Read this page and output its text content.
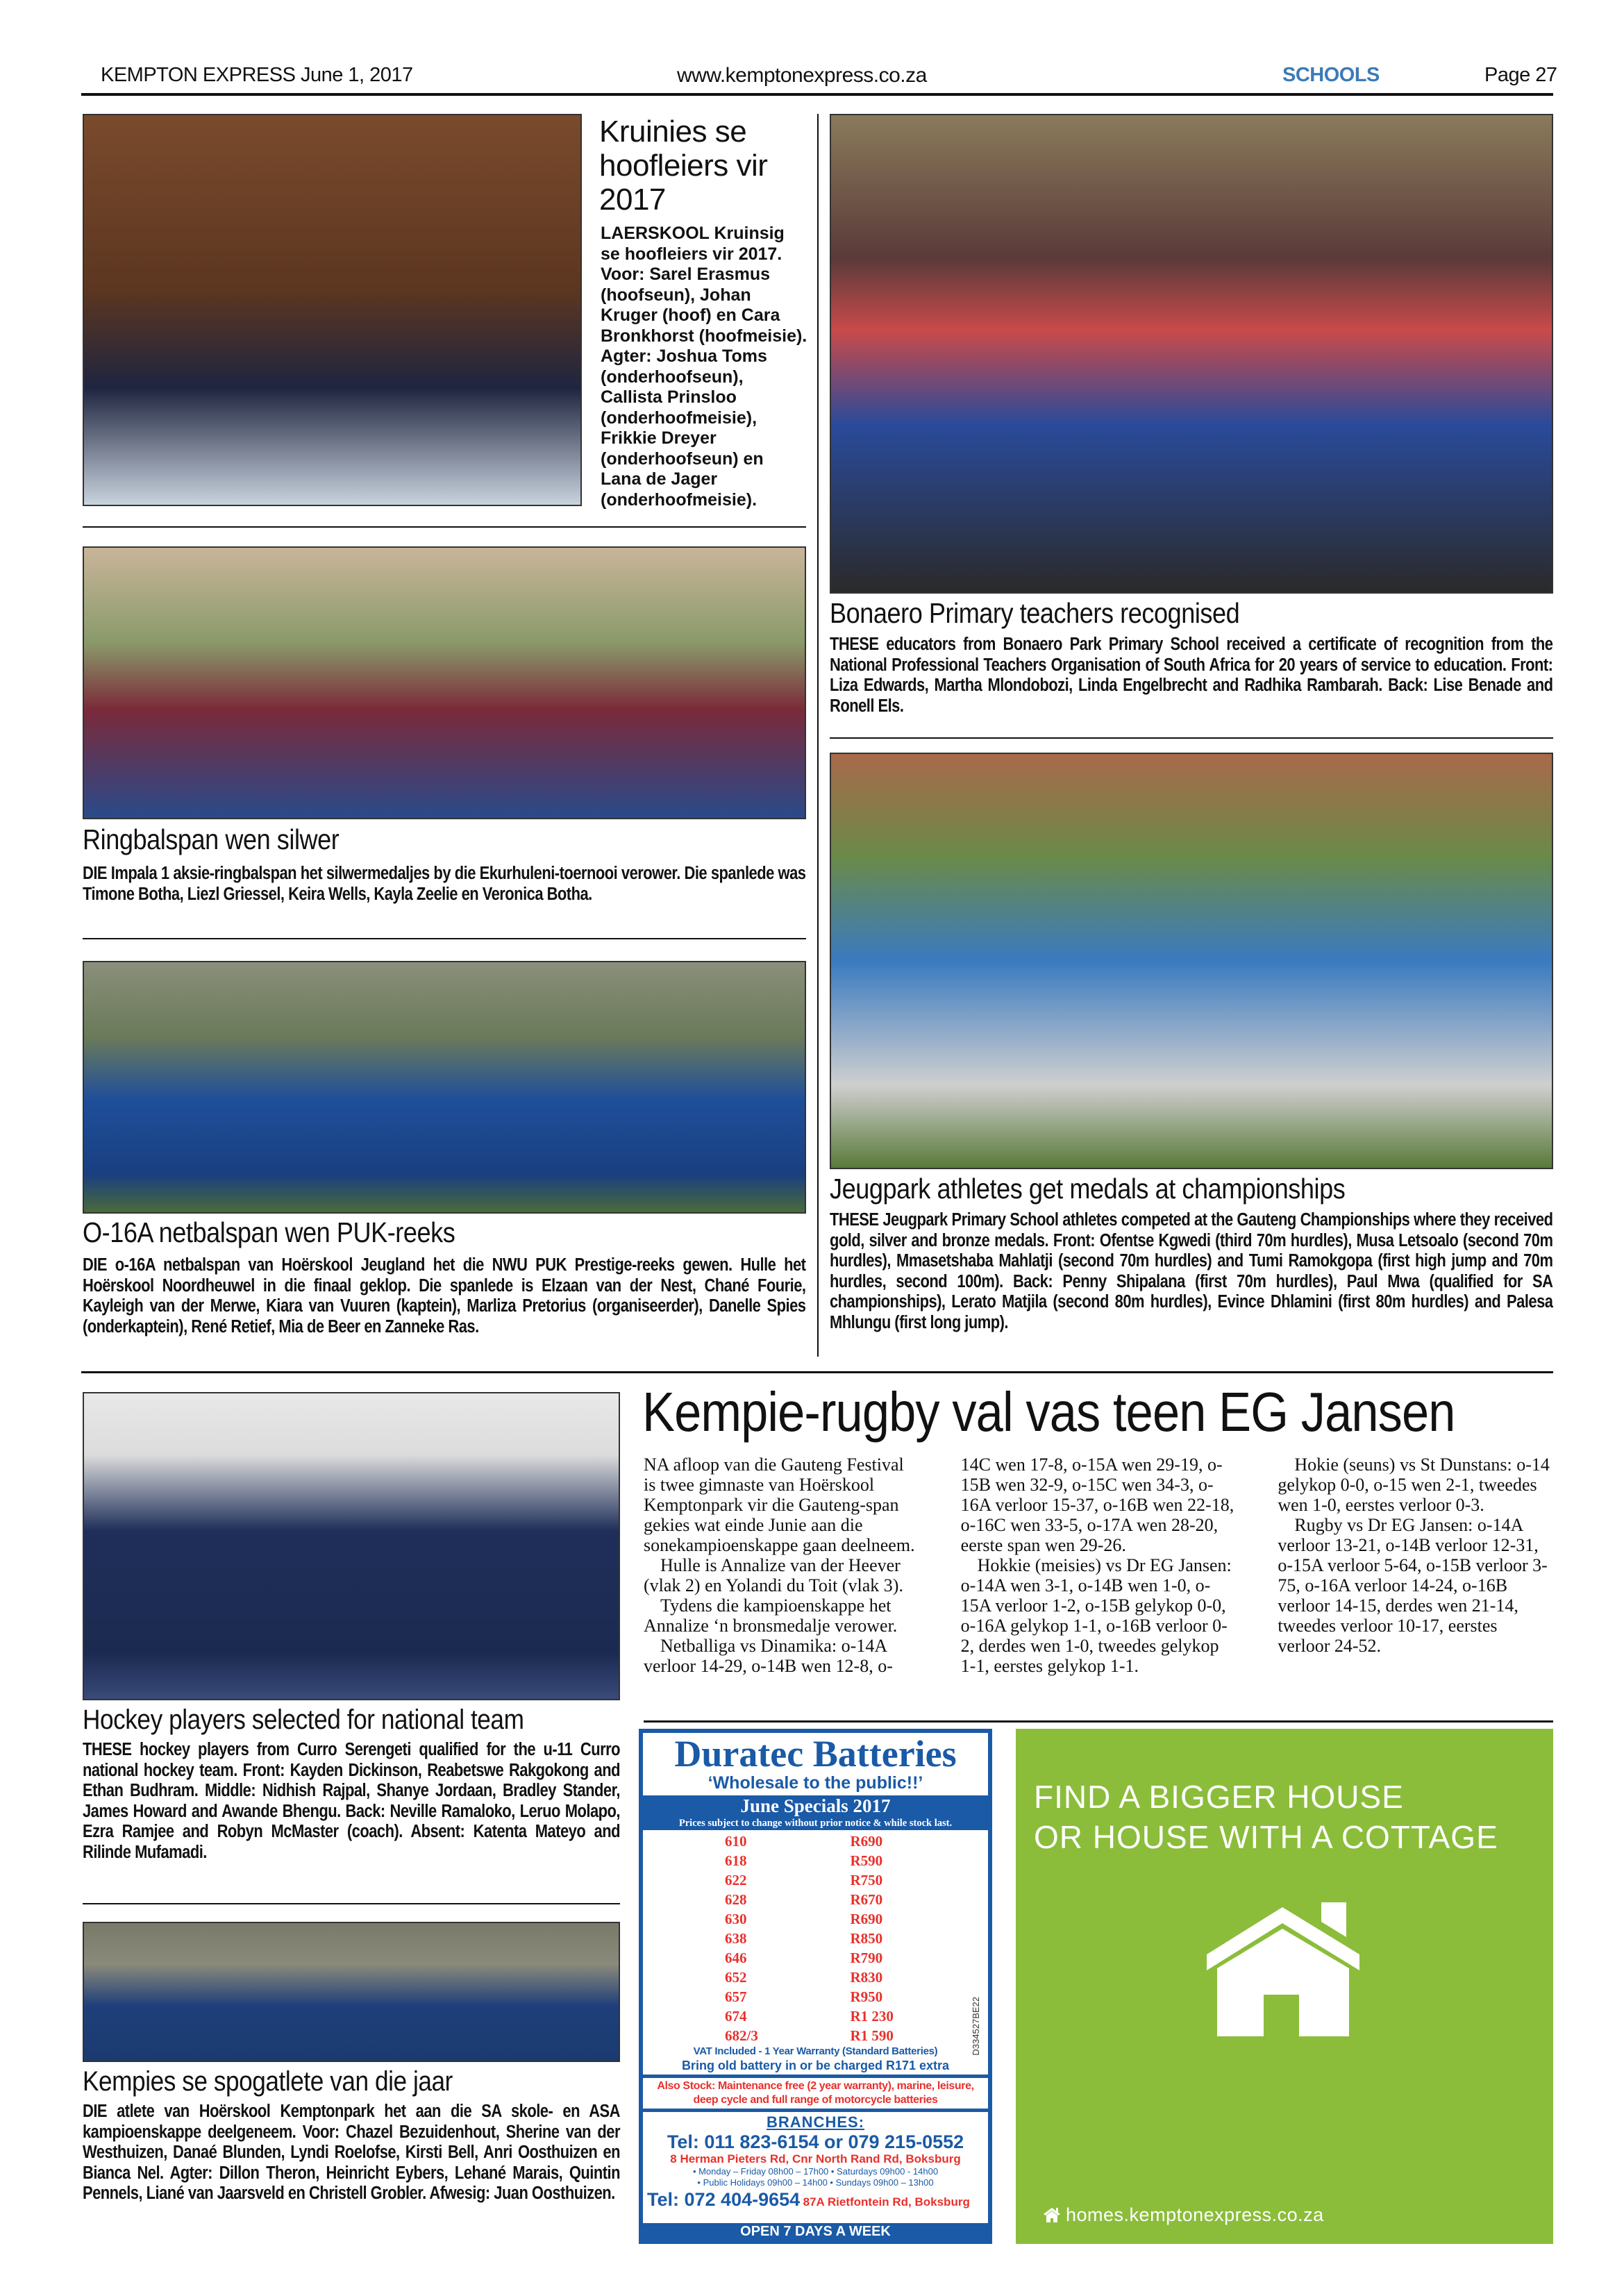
KEMPTON EXPRESS June 1, 2017	www.kemptonexpress.co.za	SCHOOLS	Page 27
Kruinies se hoofleiers vir 2017
LAERSKOOL Kruinsig se hoofleiers vir 2017. Voor: Sarel Erasmus (hoofseun), Johan Kruger (hoof) en Cara Bronkhorst (hoofmeisie). Agter: Joshua Toms (onderhoofseun), Callista Prinsloo (onderhoofmeisie), Frikkie Dreyer (onderhoofseun) en Lana de Jager (onderhoofmeisie).
Ringbalspan wen silwer
DIE Impala 1 aksie-ringbalspan het silwermedaljes by die Ekurhuleni-toernooi verower. Die spanlede was Timone Botha, Liezl Griessel, Keira Wells, Kayla Zeelie en Veronica Botha.
O-16A netbalspan wen PUK-reeks
DIE o-16A netbalspan van Hoërskool Jeugland het die NWU PUK Prestige-reeks gewen. Hulle het Hoërskool Noordheuwel in die finaal geklop. Die spanlede is Elzaan van der Nest, Chané Fourie, Kayleigh van der Merwe, Kiara van Vuuren (kaptein), Marliza Pretorius (organiseerder), Danelle Spies (onderkaptein), René Retief, Mia de Beer en Zanneke Ras.
Bonaero Primary teachers recognised
THESE educators from Bonaero Park Primary School received a certificate of recognition from the National Professional Teachers Organisation of South Africa for 20 years of service to education. Front: Liza Edwards, Martha Mlondobozi, Linda Engelbrecht and Radhika Rambarah. Back: Lise Benade and Ronell Els.
Jeugpark athletes get medals at championships
THESE Jeugpark Primary School athletes competed at the Gauteng Championships where they received gold, silver and bronze medals. Front: Ofentse Kgwedi (third 70m hurdles), Musa Letsoalo (second 70m hurdles), Mmasetshaba Mahlatji (second 70m hurdles) and Tumi Ramokgopa (first high jump and 70m hurdles, second 100m). Back: Penny Shipalana (first 70m hurdles), Paul Mwa (qualified for SA championships), Lerato Matjila (second 80m hurdles), Evince Dhlamini (first 80m hurdles) and Palesa Mhlungu (first long jump).
Hockey players selected for national team
THESE hockey players from Curro Serengeti qualified for the u-11 Curro national hockey team. Front: Kayden Dickinson, Reabetswe Rakgokong and Ethan Budhram. Middle: Nidhish Rajpal, Shanye Jordaan, Bradley Stander, James Howard and Awande Bhengu. Back: Neville Ramaloko, Leruo Molapo, Ezra Ramjee and Robyn McMaster (coach). Absent: Katenta Mateyo and Rilinde Mufamadi.
Kempies se spogatlete van die jaar
DIE atlete van Hoërskool Kemptonpark het aan die SA skole- en ASA kampioenskappe deelgeneem. Voor: Chazel Bezuidenhout, Sherine van der Westhuizen, Danaé Blunden, Lyndi Roelofse, Kirsti Bell, Anri Oosthuizen en Bianca Nel. Agter: Dillon Theron, Heinricht Eybers, Lehané Marais, Quintin Pennels, Liané van Jaarsveld en Christell Grobler. Afwesig: Juan Oosthuizen.
Kempie-rugby val vas teen EG Jansen

NA afloop van die Gauteng Festival is twee gimnaste van Hoërskool Kemptonpark vir die Gauteng-span gekies wat einde Junie aan die sonekampioenskappe gaan deelneem.

Hulle is Annalize van der Heever (vlak 2) en Yolandi du Toit (vlak 3).

Tydens die kampioenskappe het Annalize ‘n bronsmedalje verower.

Netballiga vs Dinamika: o-14A verloor 14-29, o-14B wen 12-8, o-14C wen 17-8, o-15A wen 29-19, o-15B wen 32-9, o-15C wen 34-3, o-16A verloor 15-37, o-16B wen 22-18, o-16C wen 33-5, o-17A wen 28-20, eerste span wen 29-26.

Hokkie (meisies) vs Dr EG Jansen: o-14A wen 3-1, o-14B wen 1-0, o-15A verloor 1-2, o-15B gelykop 0-0, o-16A gelykop 1-1, o-16B verloor 0-2, derdes wen 1-0, tweedes gelykop 1-1, eerstes gelykop 1-1.

Hokie (seuns) vs St Dunstans: o-14 gelykop 0-0, o-15 wen 2-1, tweedes wen 1-0, eerstes verloor 0-3.

Rugby vs Dr EG Jansen: o-14A verloor 13-21, o-14B verloor 12-31, o-15A verloor 5-64, o-15B verloor 3-75, o-16A verloor 14-24, o-16B verloor 14-15, derdes wen 21-14, tweedes verloor 10-17, eerstes verloor 24-52.

Duratec Batteries
‘Wholesale to the public!!’
June Specials 2017
Prices subject to change without prior notice & while stock last.
610	R690
618	R590
622	R750
628	R670
630	R690
638	R850
646	R790
652	R830
657	R950
674	R1 230
682/3	R1 590	D334527BE22
VAT Included - 1 Year Warranty (Standard Batteries)
Bring old battery in or be charged R171 extra
Also Stock: Maintenance free (2 year warranty), marine, leisure, deep cycle and full range of motorcycle batteries
BRANCHES:
Tel: 011 823-6154 or 079 215-0552
8 Herman Pieters Rd, Cnr North Rand Rd, Boksburg
• Monday – Friday 08h00 – 17h00 • Saturdays 09h00 - 14h00
• Public Holidays 09h00 – 14h00 • Sundays 09h00 – 13h00
Tel: 072 404-9654 87A Rietfontein Rd, Boksburg
OPEN 7 DAYS A WEEK
FIND A BIGGER HOUSE
OR HOUSE WITH A COTTAGE
homes.kemptonexpress.co.za
